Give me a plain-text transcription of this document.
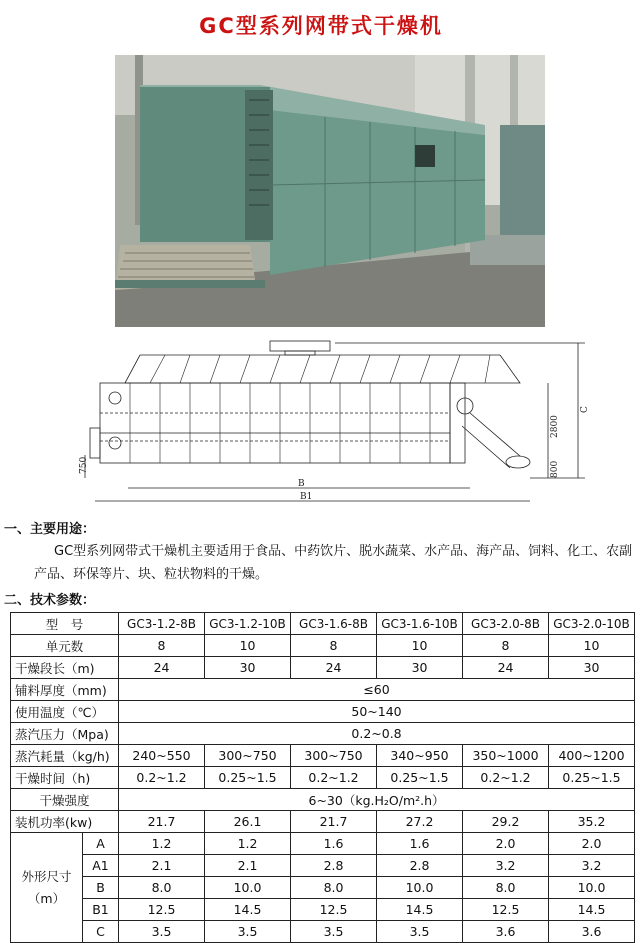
GC型系列网带式干燥机
750
B
B1
800
2800
C
一、主要用途：
GC型系列网带式干燥机主要适用于食品、中药饮片、脱水蔬菜、水产品、海产品、饲料、化工、农副
产品、环保等片、块、粒状物料的干燥。
二、技术参数：
型　号		GC3-1.2-8B	GC3-1.2-10B	GC3-1.6-8B	GC3-1.6-10B	GC3-2.0-8B	GC3-2.0-10B
单元数		8	10	8	10	8	10
干燥段长（m)		24	30	24	30	24	30
铺料厚度（mm)		≤60					
使用温度（℃）		50~140					
蒸汽压力（Mpa)		0.2~0.8					
蒸汽耗量（kg/h)		240~550	300~750	300~750	340~950	350~1000	400~1200
干燥时间（h)		0.2~1.2	0.25~1.5	0.2~1.2	0.25~1.5	0.2~1.2	0.25~1.5
干燥强度		6~30（kg.H₂O/m².h）					
装机功率(kw)		21.7	26.1	21.7	27.2	29.2	35.2

外形尺寸
（m）	A	1.2	1.2	1.6	1.6	2.0	2.0
	A1	2.1	2.1	2.8	2.8	3.2	3.2
	B	8.0	10.0	8.0	10.0	8.0	10.0
	B1	12.5	14.5	12.5	14.5	12.5	14.5
	C	3.5	3.5	3.5	3.5	3.6	3.6
